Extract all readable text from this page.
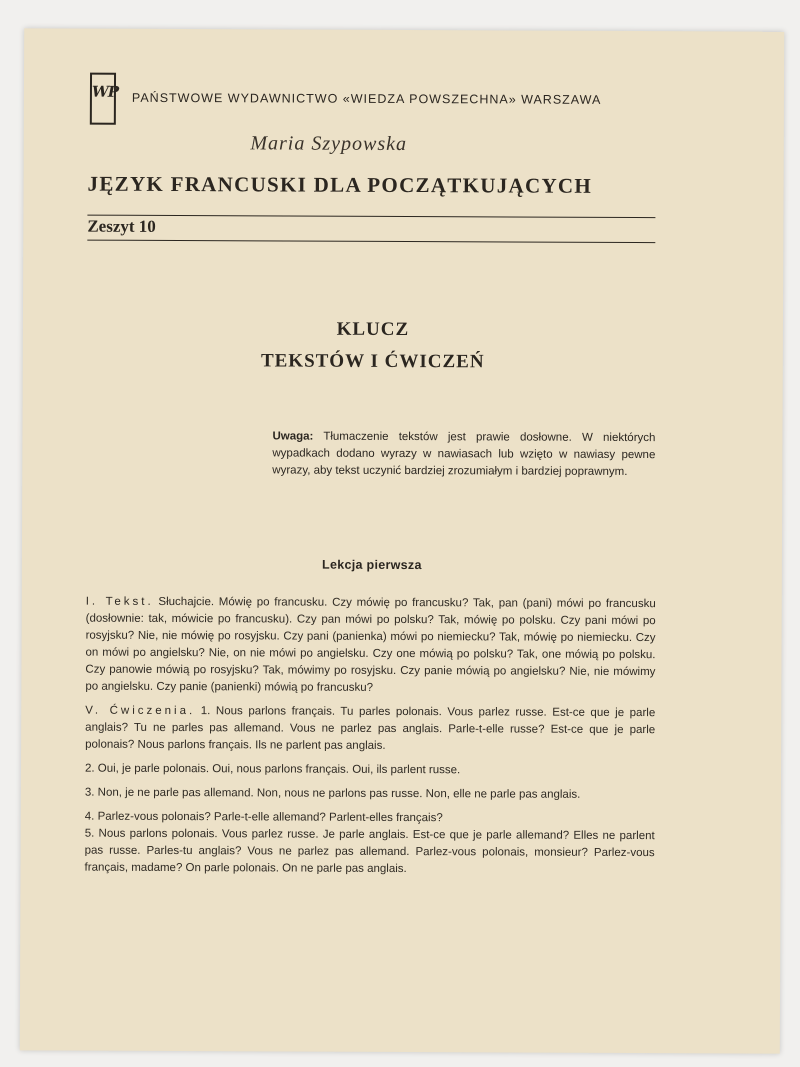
WP PAŃSTWOWE WYDAWNICTWO «WIEDZA POWSZECHNA» WARSZAWA
Maria Szypowska
JĘZYK FRANCUSKI DLA POCZĄTKUJĄCYCH
Zeszyt 10
KLUCZ
TEKSTÓW I ĆWICZEŃ
Uwaga: Tłumaczenie tekstów jest prawie dosłowne. W niektórych wypadkach dodano wyrazy w nawiasach lub wzięto w nawiasy pewne wyrazy, aby tekst uczynić bardziej zrozumiałym i bardziej poprawnym.
Lekcja pierwsza

I. Tekst. Słuchajcie. Mówię po francusku. Czy mówię po francusku? Tak, pan (pani) mówi po francusku (dosłownie: tak, mówicie po francusku). Czy pan mówi po polsku? Tak, mówię po polsku. Czy pani mówi po rosyjsku? Nie, nie mówię po rosyjsku. Czy pani (panienka) mówi po niemiecku? Tak, mówię po niemiecku. Czy on mówi po angielsku? Nie, on nie mówi po angielsku. Czy one mówią po polsku? Tak, one mówią po polsku. Czy panowie mówią po rosyjsku? Tak, mówimy po rosyjsku. Czy panie mówią po angielsku? Nie, nie mówimy po angielsku. Czy panie (panienki) mówią po francusku?

V. Ćwiczenia. 1. Nous parlons français. Tu parles polonais. Vous parlez russe. Est-ce que je parle anglais? Tu ne parles pas allemand. Vous ne parlez pas anglais. Parle-t-elle russe? Est-ce que je parle polonais? Nous parlons français. Ils ne parlent pas anglais.

2. Oui, je parle polonais. Oui, nous parlons français. Oui, ils parlent russe.

3. Non, je ne parle pas allemand. Non, nous ne parlons pas russe. Non, elle ne parle pas anglais.

4. Parlez-vous polonais? Parle-t-elle allemand? Parlent-elles français?

5. Nous parlons polonais. Vous parlez russe. Je parle anglais. Est-ce que je parle allemand? Elles ne parlent pas russe. Parles-tu anglais? Vous ne parlez pas allemand. Parlez-vous polonais, monsieur? Parlez-vous français, madame? On parle polonais. On ne parle pas anglais.
